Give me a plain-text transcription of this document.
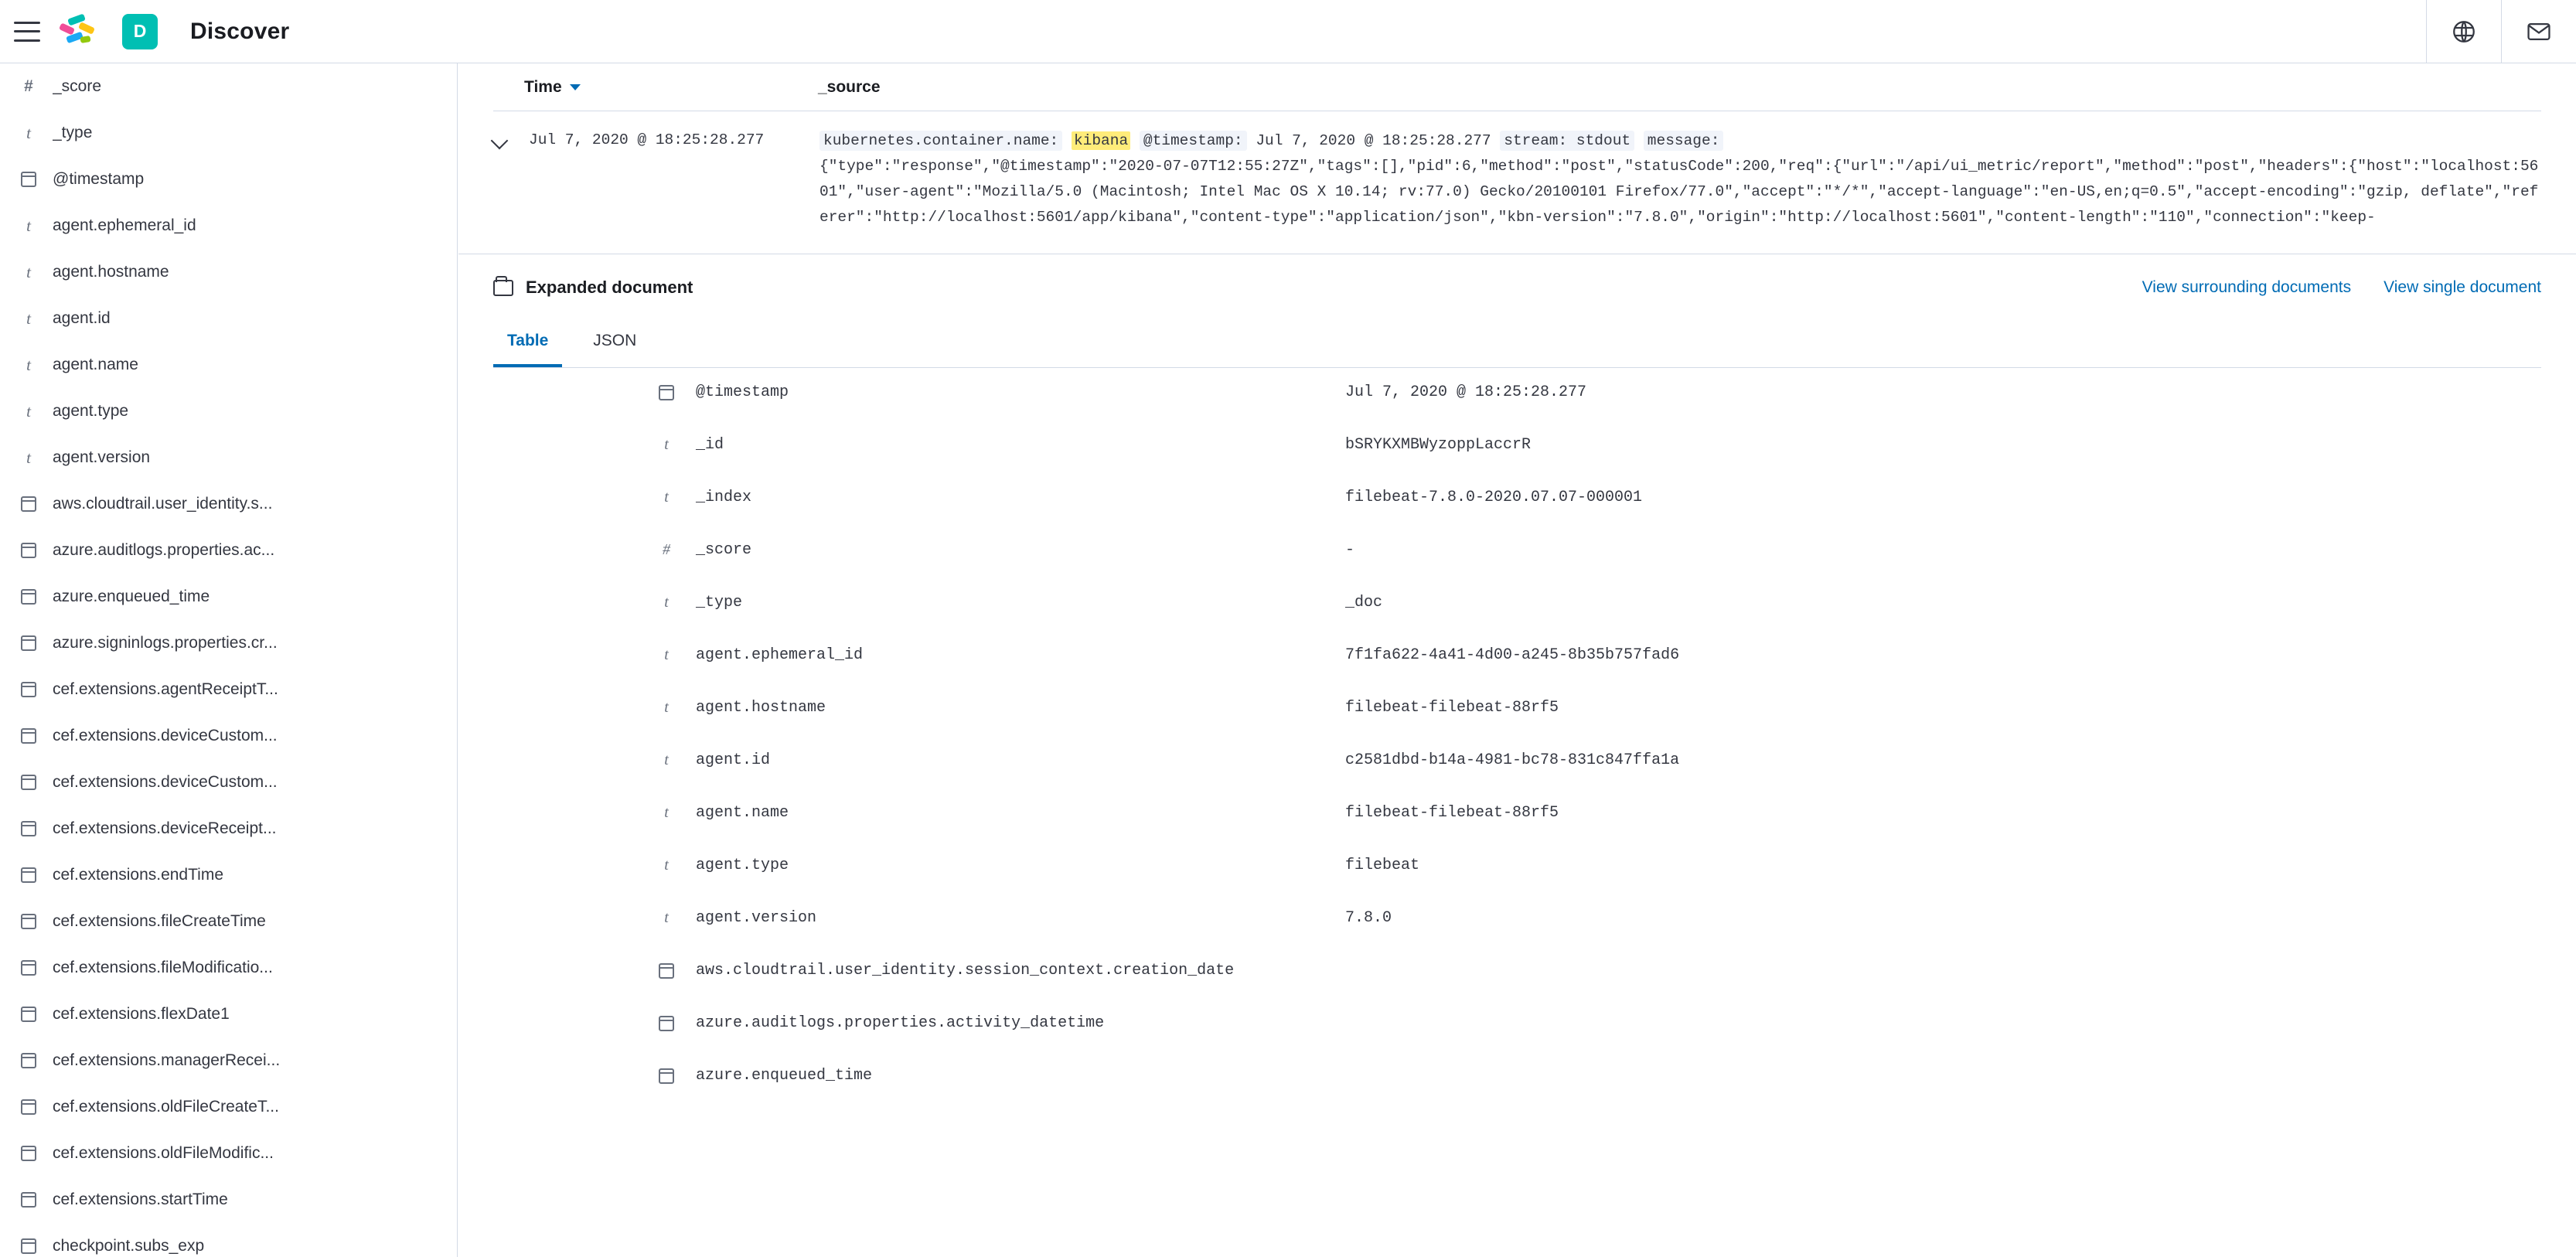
D	Discover
#	_score
t	_type
@timestamp
t	agent.ephemeral_id
t	agent.hostname
t	agent.id
t	agent.name
t	agent.type
t	agent.version
aws.cloudtrail.user_identity.s...
azure.auditlogs.properties.ac...
azure.enqueued_time
azure.signinlogs.properties.cr...
cef.extensions.agentReceiptT...
cef.extensions.deviceCustom...
cef.extensions.deviceCustom...
cef.extensions.deviceReceipt...
cef.extensions.endTime
cef.extensions.fileCreateTime
cef.extensions.fileModificatio...
cef.extensions.flexDate1
cef.extensions.managerRecei...
cef.extensions.oldFileCreateT...
cef.extensions.oldFileModific...
cef.extensions.startTime
checkpoint.subs_exp
Time	_source
Jul 7, 2020 @ 18:25:28.277	kubernetes.container.name: kibana @timestamp: Jul 7, 2020 @ 18:25:28.277 stream: stdout message:
{"type":"response","@timestamp":"2020-07-07T12:55:27Z","tags":[],"pid":6,"method":"post","statusCode":200,"req":{"url":"/api/ui_metric/report","method":"post","headers":{"host":"localhost:5601","user-agent":"Mozilla/5.0 (Macintosh; Intel Mac OS X 10.14; rv:77.0) Gecko/20100101 Firefox/77.0","accept":"*/*","accept-language":"en-US,en;q=0.5","accept-encoding":"gzip, deflate","referer":"http://localhost:5601/app/kibana","content-type":"application/json","kbn-version":"7.8.0","origin":"http://localhost:5601","content-length":"110","connection":"keep-
Expanded document	View surrounding documents View single document
Table	JSON
@timestamp	Jul 7, 2020 @ 18:25:28.277
t	_id	bSRYKXMBWyzoppLaccrR
t	_index	filebeat-7.8.0-2020.07.07-000001
#	_score	-
t	_type	_doc
t	agent.ephemeral_id	7f1fa622-4a41-4d00-a245-8b35b757fad6
t	agent.hostname	filebeat-filebeat-88rf5
t	agent.id	c2581dbd-b14a-4981-bc78-831c847ffa1a
t	agent.name	filebeat-filebeat-88rf5
t	agent.type	filebeat
t	agent.version	7.8.0
aws.cloudtrail.user_identity.session_context.creation_date
azure.auditlogs.properties.activity_datetime
azure.enqueued_time
